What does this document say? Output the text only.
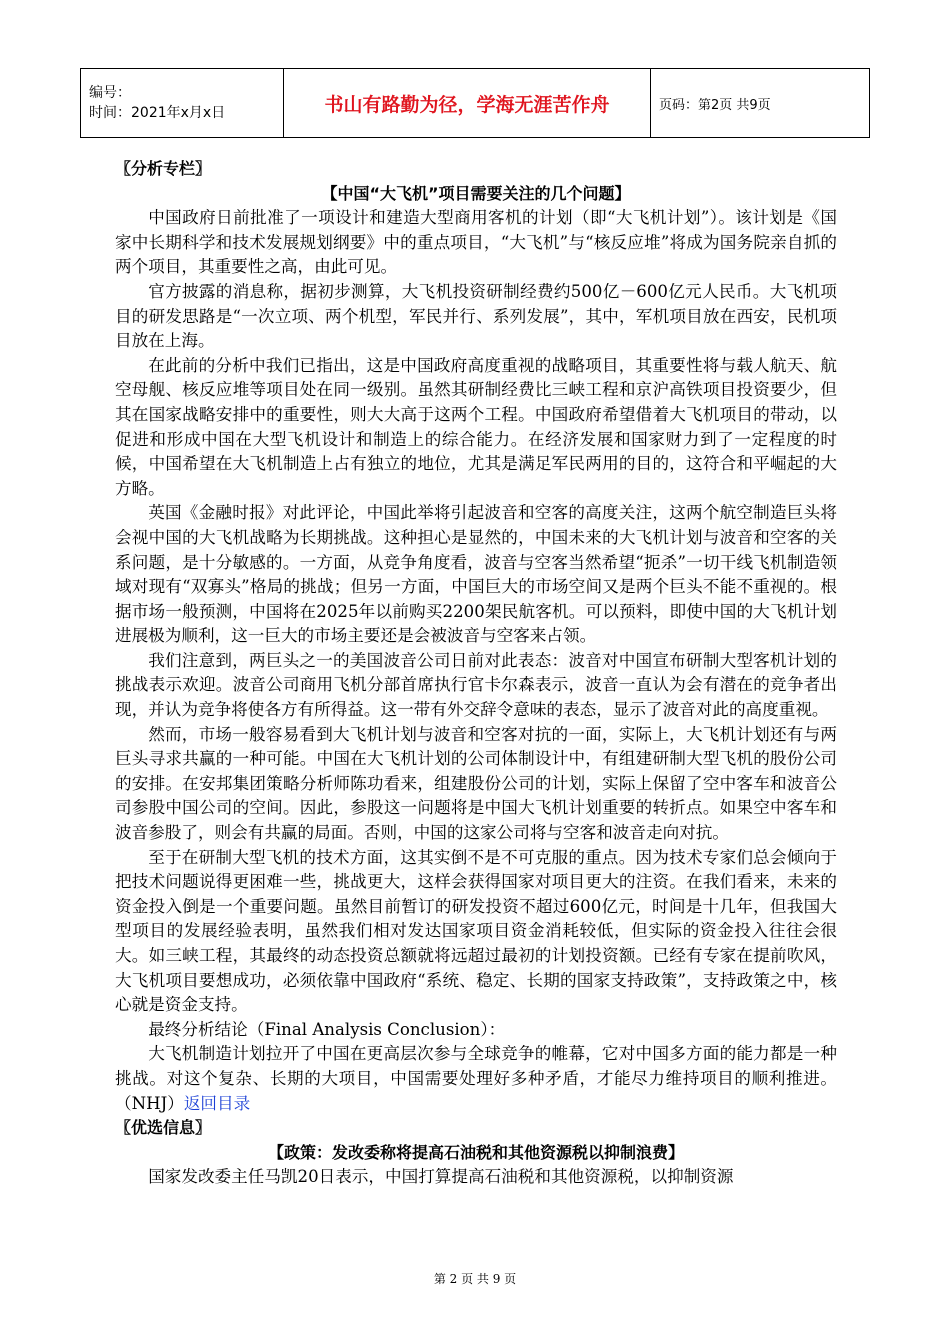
编号：
时间：2021年x月x日	书山有路勤为径，学海无涯苦作舟	页码：第2页 共9页

〖分析专栏〗

【中国“大飞机”项目需要关注的几个问题】

中国政府日前批准了一项设计和建造大型商用客机的计划（即“大飞机计划”）。该计划是《国家中长期科学和技术发展规划纲要》中的重点项目，“大飞机”与“核反应堆”将成为国务院亲自抓的两个项目，其重要性之高，由此可见。

官方披露的消息称，据初步测算，大飞机投资研制经费约500亿－600亿元人民币。大飞机项目的研发思路是“一次立项、两个机型，军民并行、系列发展”，其中，军机项目放在西安，民机项目放在上海。

在此前的分析中我们已指出，这是中国政府高度重视的战略项目，其重要性将与载人航天、航空母舰、核反应堆等项目处在同一级别。虽然其研制经费比三峡工程和京沪高铁项目投资要少，但其在国家战略安排中的重要性，则大大高于这两个工程。中国政府希望借着大飞机项目的带动，以促进和形成中国在大型飞机设计和制造上的综合能力。在经济发展和国家财力到了一定程度的时候，中国希望在大飞机制造上占有独立的地位，尤其是满足军民两用的目的，这符合和平崛起的大方略。

英国《金融时报》对此评论，中国此举将引起波音和空客的高度关注，这两个航空制造巨头将会视中国的大飞机战略为长期挑战。这种担心是显然的，中国未来的大飞机计划与波音和空客的关系问题，是十分敏感的。一方面，从竞争角度看，波音与空客当然希望“扼杀”一切干线飞机制造领域对现有“双寡头”格局的挑战；但另一方面，中国巨大的市场空间又是两个巨头不能不重视的。根据市场一般预测，中国将在2025年以前购买2200架民航客机。可以预料，即使中国的大飞机计划进展极为顺利，这一巨大的市场主要还是会被波音与空客来占领。

我们注意到，两巨头之一的美国波音公司日前对此表态：波音对中国宣布研制大型客机计划的挑战表示欢迎。波音公司商用飞机分部首席执行官卡尔森表示，波音一直认为会有潜在的竞争者出现，并认为竞争将使各方有所得益。这一带有外交辞令意味的表态，显示了波音对此的高度重视。

然而，市场一般容易看到大飞机计划与波音和空客对抗的一面，实际上，大飞机计划还有与两巨头寻求共赢的一种可能。中国在大飞机计划的公司体制设计中，有组建研制大型飞机的股份公司的安排。在安邦集团策略分析师陈功看来，组建股份公司的计划，实际上保留了空中客车和波音公司参股中国公司的空间。因此，参股这一问题将是中国大飞机计划重要的转折点。如果空中客车和波音参股了，则会有共赢的局面。否则，中国的这家公司将与空客和波音走向对抗。

至于在研制大型飞机的技术方面，这其实倒不是不可克服的重点。因为技术专家们总会倾向于把技术问题说得更困难一些，挑战更大，这样会获得国家对项目更大的注资。在我们看来，未来的资金投入倒是一个重要问题。虽然目前暂订的研发投资不超过600亿元，时间是十几年，但我国大型项目的发展经验表明，虽然我们相对发达国家项目资金消耗较低，但实际的资金投入往往会很大。如三峡工程，其最终的动态投资总额就将远超过最初的计划投资额。已经有专家在提前吹风，大飞机项目要想成功，必须依靠中国政府“系统、稳定、长期的国家支持政策”，支持政策之中，核心就是资金支持。

最终分析结论（Final Analysis Conclusion）：

大飞机制造计划拉开了中国在更高层次参与全球竞争的帷幕，它对中国多方面的能力都是一种挑战。对这个复杂、长期的大项目，中国需要处理好多种矛盾，才能尽力维持项目的顺利推进。（NHJ）返回目录

〖优选信息〗

【政策：发改委称将提高石油税和其他资源税以抑制浪费】

国家发改委主任马凯20日表示，中国打算提高石油税和其他资源税，以抑制资源

第 2 页 共 9 页
